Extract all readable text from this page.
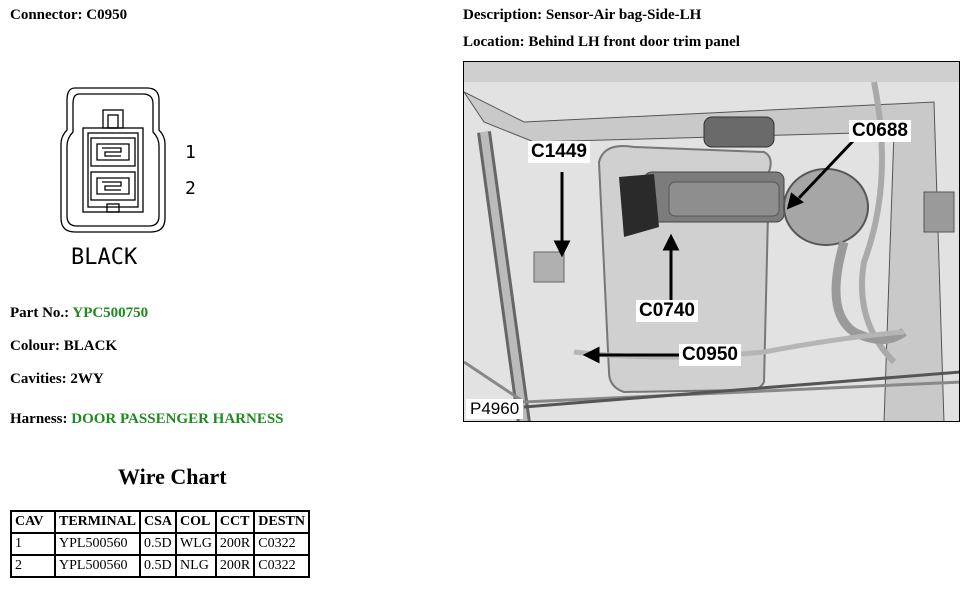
Connector: C0950	Description: Sensor-Air bag-Side-LH
Location: Behind LH front door trim panel
BLACK
1
2
Part No.: YPC500750
Colour: BLACK
Cavities: 2WY
Harness: DOOR PASSENGER HARNESS
Wire Chart
CAV	TERMINAL	CSA	COL	CCT	DESTN
1	YPL500560	0.5D	WLG	200R	C0322
2	YPL500560	0.5D	NLG	200R	C0322
C1449
C0688
C0740
C0950
P4960
